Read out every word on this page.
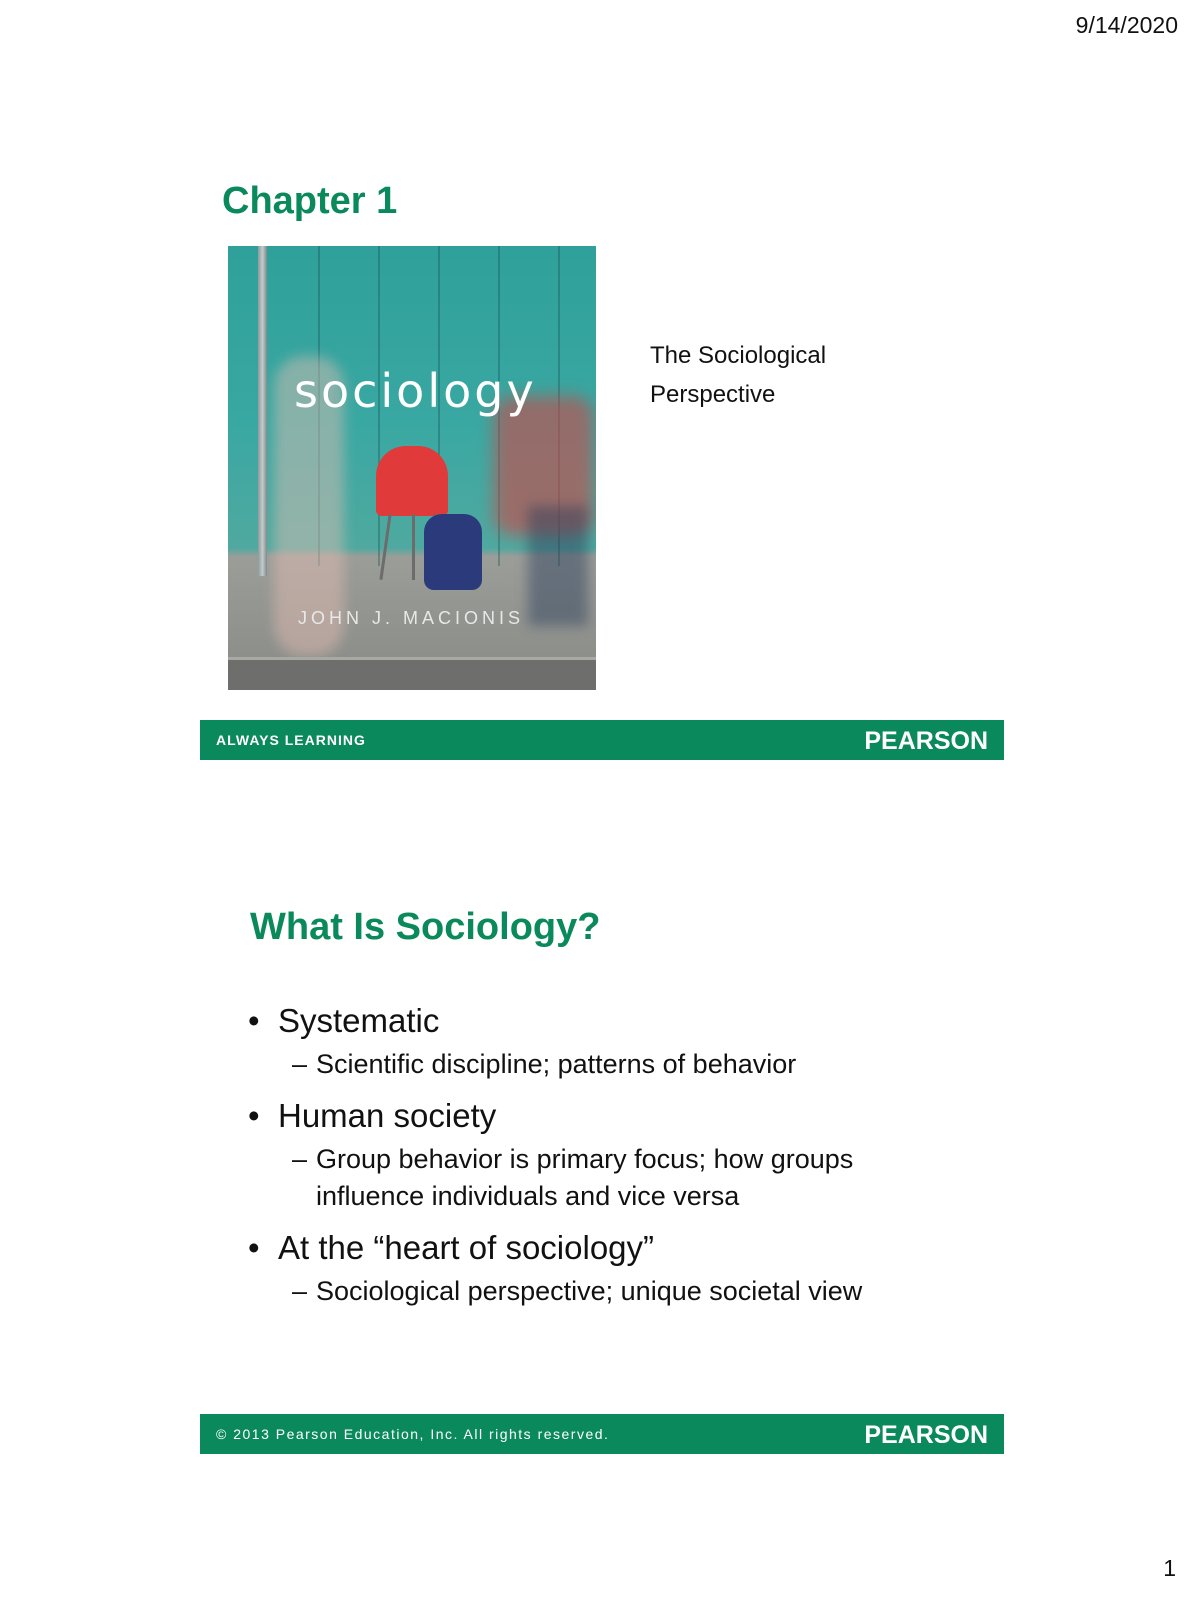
9/14/2020
Chapter 1
sociology
JOHN J. MACIONIS
The Sociological
Perspective
ALWAYS LEARNING	PEARSON
What Is Sociology?
• Systematic
– Scientific discipline; patterns of behavior
• Human society
– Group behavior is primary focus; how groups
influence individuals and vice versa
• At the “heart of sociology”
– Sociological perspective; unique societal view
© 2013 Pearson Education, Inc. All rights reserved.	PEARSON
1
